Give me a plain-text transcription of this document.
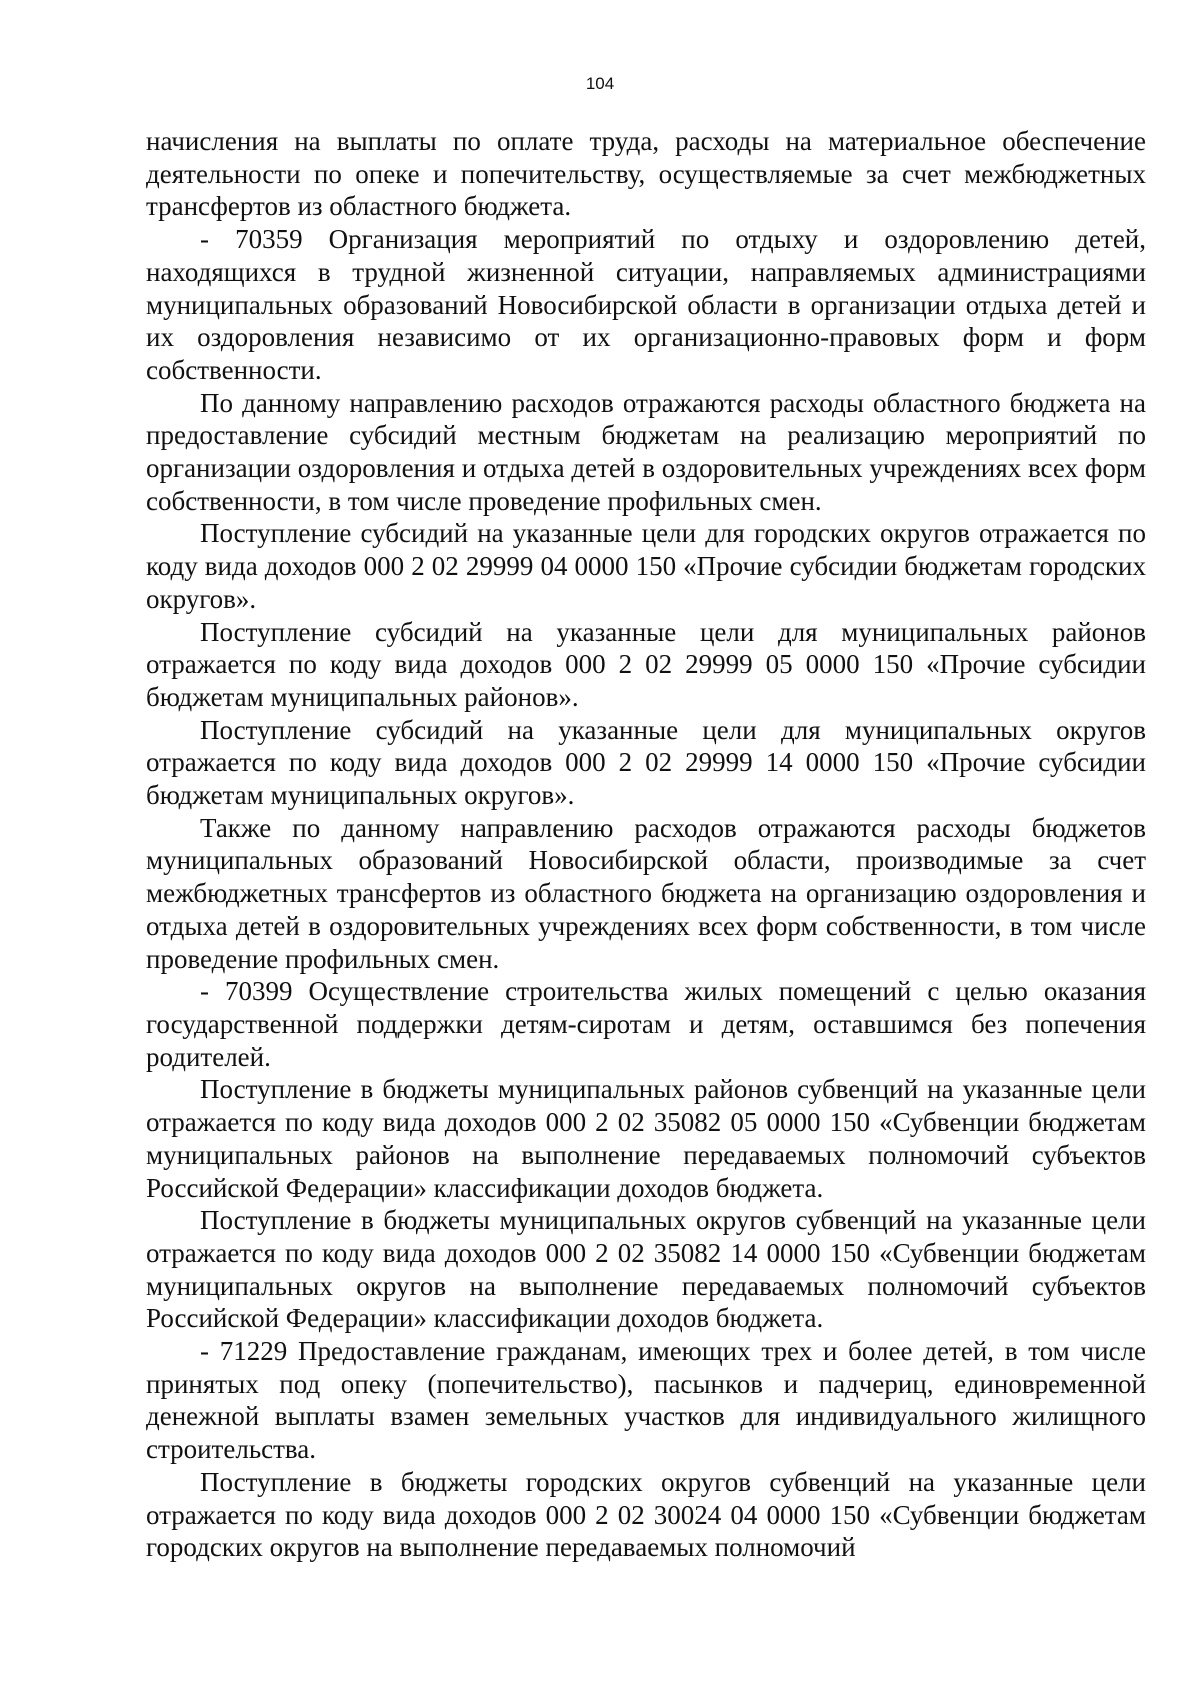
104

начисления на выплаты по оплате труда, расходы на материальное обеспечение деятельности по опеке и попечительству, осуществляемые за счет межбюджетных трансфертов из областного бюджета.

- 70359 Организация мероприятий по отдыху и оздоровлению детей, находящихся в трудной жизненной ситуации, направляемых администрациями муниципальных образований Новосибирской области в организации отдыха детей и их оздоровления независимо от их организационно-правовых форм и форм собственности.

По данному направлению расходов отражаются расходы областного бюджета на предоставление субсидий местным бюджетам на реализацию мероприятий по организации оздоровления и отдыха детей в оздоровительных учреждениях всех форм собственности, в том числе проведение профильных смен.

Поступление субсидий на указанные цели для городских округов отражается по коду вида доходов 000 2 02 29999 04 0000 150 «Прочие субсидии бюджетам городских округов».

Поступление субсидий на указанные цели для муниципальных районов отражается по коду вида доходов 000 2 02 29999 05 0000 150 «Прочие субсидии бюджетам муниципальных районов».

Поступление субсидий на указанные цели для муниципальных округов отражается по коду вида доходов 000 2 02 29999 14 0000 150 «Прочие субсидии бюджетам муниципальных округов».

Также по данному направлению расходов отражаются расходы бюджетов муниципальных образований Новосибирской области, производимые за счет межбюджетных трансфертов из областного бюджета на организацию оздоровления и отдыха детей в оздоровительных учреждениях всех форм собственности, в том числе проведение профильных смен.

- 70399 Осуществление строительства жилых помещений с целью оказания государственной поддержки детям-сиротам и детям, оставшимся без попечения родителей.

Поступление в бюджеты муниципальных районов субвенций на указанные цели отражается по коду вида доходов 000 2 02 35082 05 0000 150 «Субвенции бюджетам муниципальных районов на выполнение передаваемых полномочий субъектов Российской Федерации» классификации доходов бюджета.

Поступление в бюджеты муниципальных округов субвенций на указанные цели отражается по коду вида доходов 000 2 02 35082 14 0000 150 «Субвенции бюджетам муниципальных округов на выполнение передаваемых полномочий субъектов Российской Федерации» классификации доходов бюджета.

- 71229 Предоставление гражданам, имеющих трех и более детей, в том числе принятых под опеку (попечительство), пасынков и падчериц, единовременной денежной выплаты взамен земельных участков для индивидуального жилищного строительства.

Поступление в бюджеты городских округов субвенций на указанные цели отражается по коду вида доходов 000 2 02 30024 04 0000 150 «Субвенции бюджетам городских округов на выполнение передаваемых полномочий
